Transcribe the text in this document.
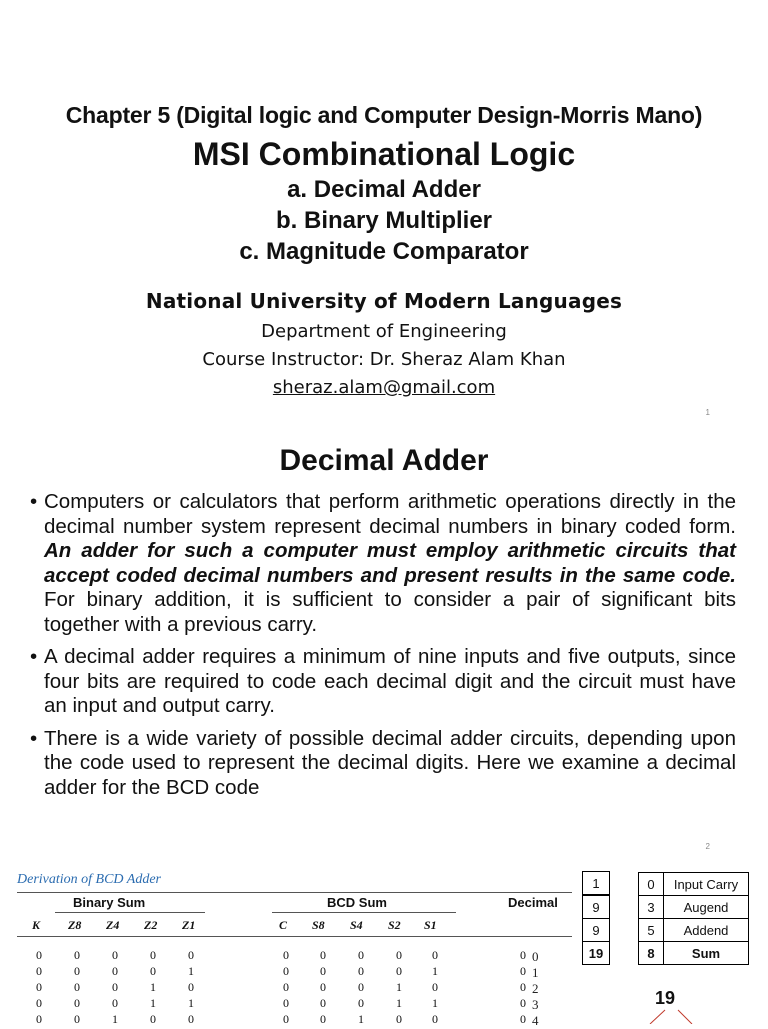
Chapter 5 (Digital logic and Computer Design-Morris Mano)
MSI Combinational Logic
a. Decimal Adder
b. Binary Multiplier
c. Magnitude Comparator
National University of Modern Languages
Department of Engineering
Course Instructor: Dr. Sheraz Alam Khan
sheraz.alam@gmail.com
1
Decimal Adder
• Computers or calculators that perform arithmetic operations directly in the decimal number system represent decimal numbers in binary coded form. An adder for such a computer must employ arithmetic circuits that accept coded decimal numbers and present results in the same code. For binary addition, it is sufficient to consider a pair of significant bits together with a previous carry.
• A decimal adder requires a minimum of nine inputs and five outputs, since four bits are required to code each decimal digit and the circuit must have an input and output carry.
• There is a wide variety of possible decimal adder circuits, depending upon the code used to represent the decimal digits. Here we examine a decimal adder for the BCD code
2
Derivation of BCD Adder
Binary Sum	BCD Sum	Decimal
K Z8 Z4 Z2 Z1	C S8 S4 S2 S1
0	0	0	0	0	0	0	0	0	0	0 0
0	0	0	0	1	0	0	0	0	1	0 1
0	0	0	1	0	0	0	0	1	0	0 2
0	0	0	1	1	0	0	0	1	1	0 3
0	0	1	0	0	0	0	1	0	0	0 4
1
9
9
19
0 Input Carry
3 Augend
5 Addend
8	Sum
19
